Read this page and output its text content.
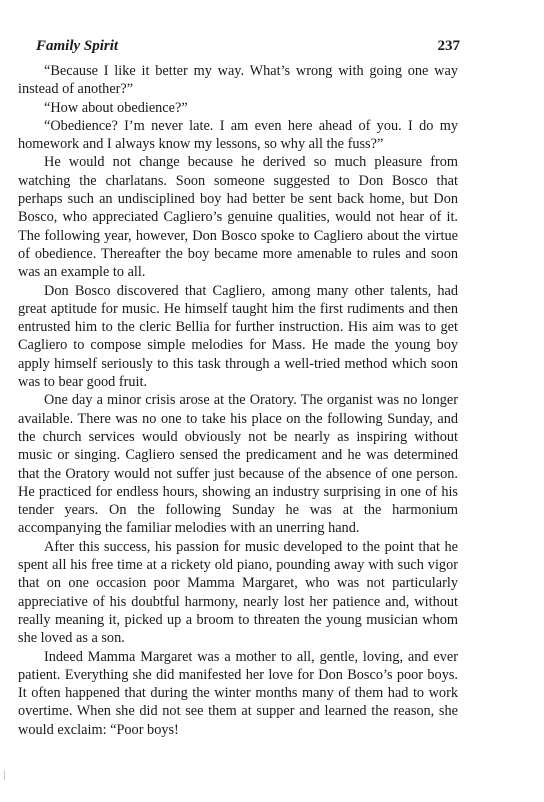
Family Spirit	237

“Because I like it better my way. What’s wrong with going one way instead of another?”

“How about obedience?”

“Obedience? I’m never late. I am even here ahead of you. I do my homework and I always know my lessons, so why all the fuss?”

He would not change because he derived so much pleasure from watching the charlatans. Soon someone suggested to Don Bosco that perhaps such an undisciplined boy had better be sent back home, but Don Bosco, who appreciated Cagliero’s genuine qualities, would not hear of it. The following year, however, Don Bosco spoke to Cagliero about the virtue of obedience. Thereafter the boy became more amenable to rules and soon was an example to all.

Don Bosco discovered that Cagliero, among many other talents, had great aptitude for music. He himself taught him the first rudiments and then entrusted him to the cleric Bellia for further instruction. His aim was to get Cagliero to compose simple melodies for Mass. He made the young boy apply himself seriously to this task through a well-tried method which soon was to bear good fruit.

One day a minor crisis arose at the Oratory. The organist was no longer available. There was no one to take his place on the following Sunday, and the church services would obviously not be nearly as inspiring without music or singing. Cagliero sensed the predicament and he was determined that the Oratory would not suffer just because of the absence of one person. He practiced for endless hours, showing an industry surprising in one of his tender years. On the following Sunday he was at the harmonium accompanying the familiar melodies with an unerring hand.

After this success, his passion for music developed to the point that he spent all his free time at a rickety old piano, pounding away with such vigor that on one occasion poor Mamma Margaret, who was not particularly appreciative of his doubtful harmony, nearly lost her patience and, without really meaning it, picked up a broom to threaten the young musician whom she loved as a son.

Indeed Mamma Margaret was a mother to all, gentle, loving, and ever patient. Everything she did manifested her love for Don Bosco’s poor boys. It often happened that during the winter months many of them had to work overtime. When she did not see them at supper and learned the reason, she would exclaim: “Poor boys!
